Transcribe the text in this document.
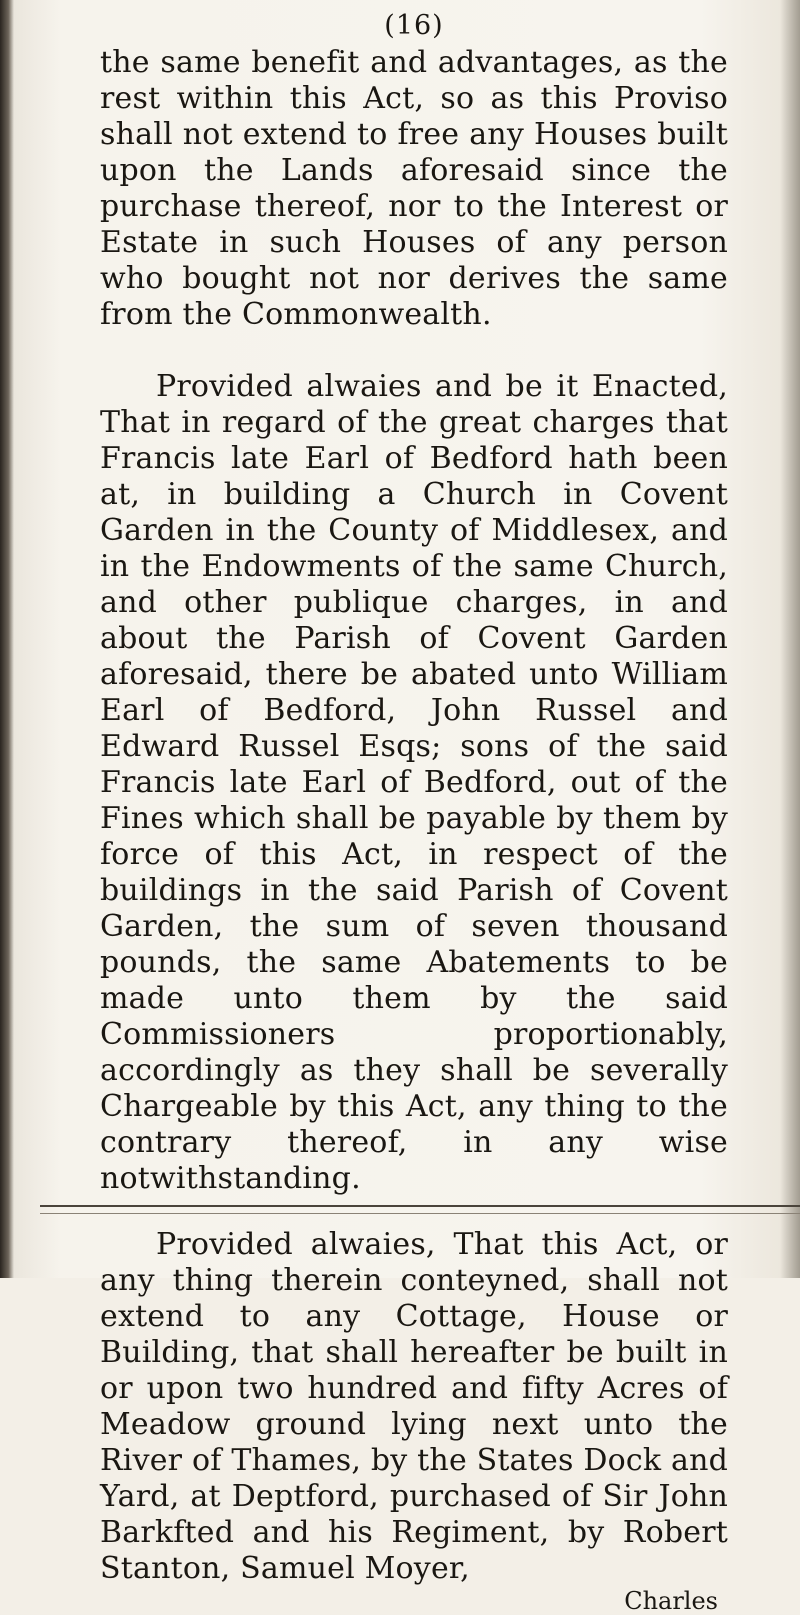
(16)

the same benefit and advantages, as the rest within this Act, so as this Proviso shall not extend to free any Houses built upon the Lands aforesaid since the purchase thereof, nor to the Interest or Estate in such Houses of any person who bought not nor derives the same from the Commonwealth.

Provided alwaies and be it Enacted, That in regard of the great charges that Francis late Earl of Bedford hath been at, in building a Church in Covent Garden in the County of Middlesex, and in the Endowments of the same Church, and other publique charges, in and about the Parish of Covent Garden aforesaid, there be abated unto William Earl of Bedford, John Russel and Edward Russel Esqs; sons of the said Francis late Earl of Bedford, out of the Fines which shall be payable by them by force of this Act, in respect of the buildings in the said Parish of Covent Garden, the sum of seven thousand pounds, the same Abatements to be made unto them by the said Commissioners proportionably, accordingly as they shall be severally Chargeable by this Act, any thing to the contrary thereof, in any wise notwithstanding.

Provided alwaies, That this Act, or any thing therein conteyned, shall not extend to any Cottage, House or Building, that shall hereafter be built in or upon two hundred and fifty Acres of Meadow ground lying next unto the River of Thames, by the States Dock and Yard, at Deptford, purchased of Sir John Barkfted and his Regiment, by Robert Stanton, Samuel Moyer,

Charles
